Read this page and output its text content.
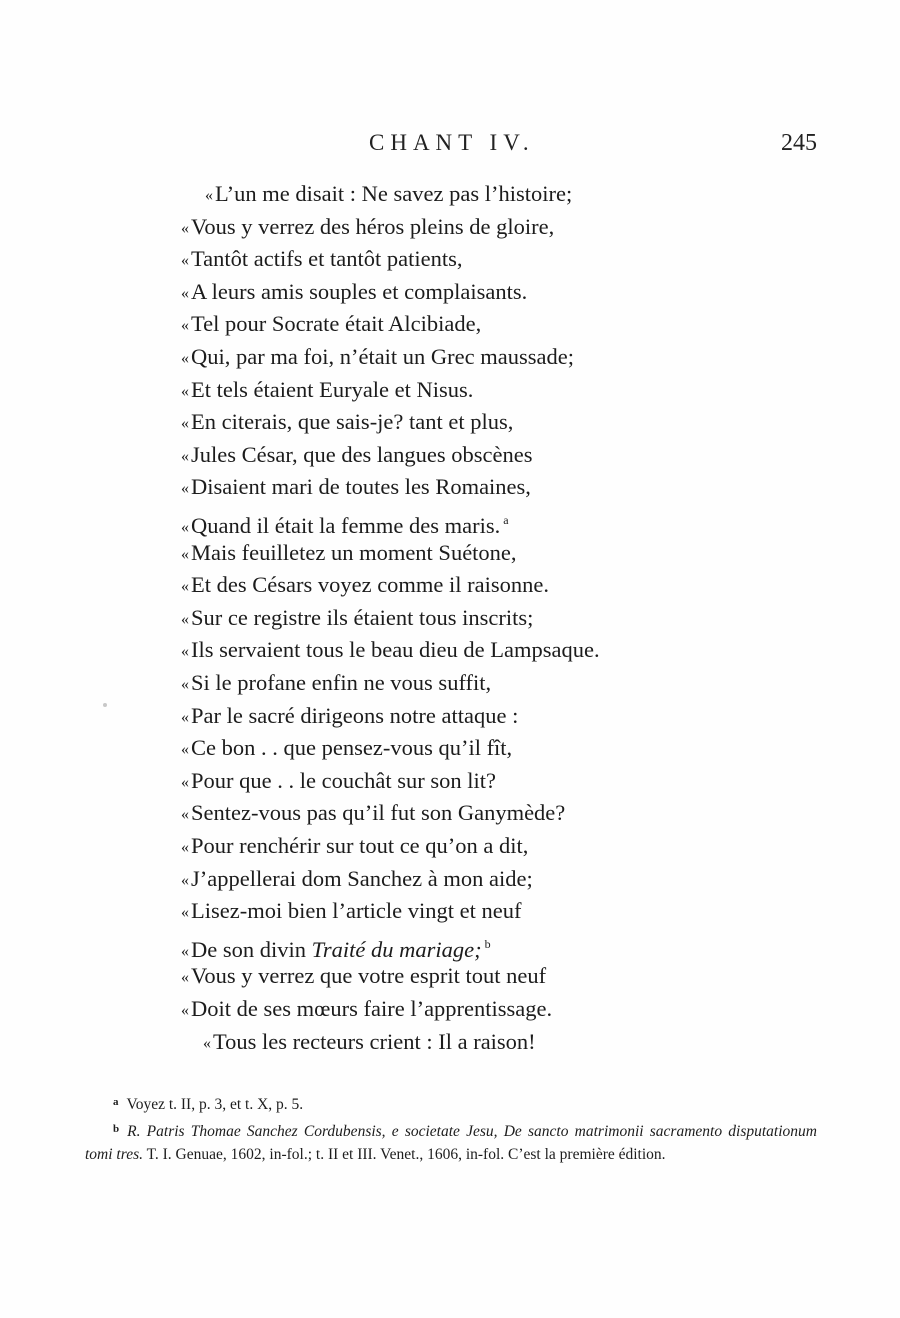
CHANT IV.	245
«L’un me disait : Ne savez pas l’histoire;
«Vous y verrez des héros pleins de gloire,
«Tantôt actifs et tantôt patients,
«A leurs amis souples et complaisants.
«Tel pour Socrate était Alcibiade,
«Qui, par ma foi, n’était un Grec maussade;
«Et tels étaient Euryale et Nisus.
«En citerais, que sais-je? tant et plus,
«Jules César, que des langues obscènes
«Disaient mari de toutes les Romaines,
«Quand il était la femme des maris. $^a$
«Mais feuilletez un moment Suétone,
«Et des Césars voyez comme il raisonne.
«Sur ce registre ils étaient tous inscrits;
«Ils servaient tous le beau dieu de Lampsaque.
«Si le profane enfin ne vous suffit,
«Par le sacré dirigeons notre attaque :
«Ce bon . . que pensez-vous qu’il fît,
«Pour que . . le couchât sur son lit?
«Sentez-vous pas qu’il fut son Ganymède?
«Pour renchérir sur tout ce qu’on a dit,
«J’appellerai dom Sanchez à mon aide;
«Lisez-moi bien l’article vingt et neuf
«De son divin Traité du mariage; $^b$
«Vous y verrez que votre esprit tout neuf
«Doit de ses mœurs faire l’apprentissage.
«Tous les recteurs crient : Il a raison!
$^a$ Voyez t. II, p. 3, et t. X, p. 5.
$^b$ R. Patris Thomae Sanchez Cordubensis, e societate Jesu, De sancto matrimonii sacramento disputationum tomi tres. T. I. Genuae, 1602, in-fol.; t. II et III. Venet., 1606, in-fol. C’est la première édition.
